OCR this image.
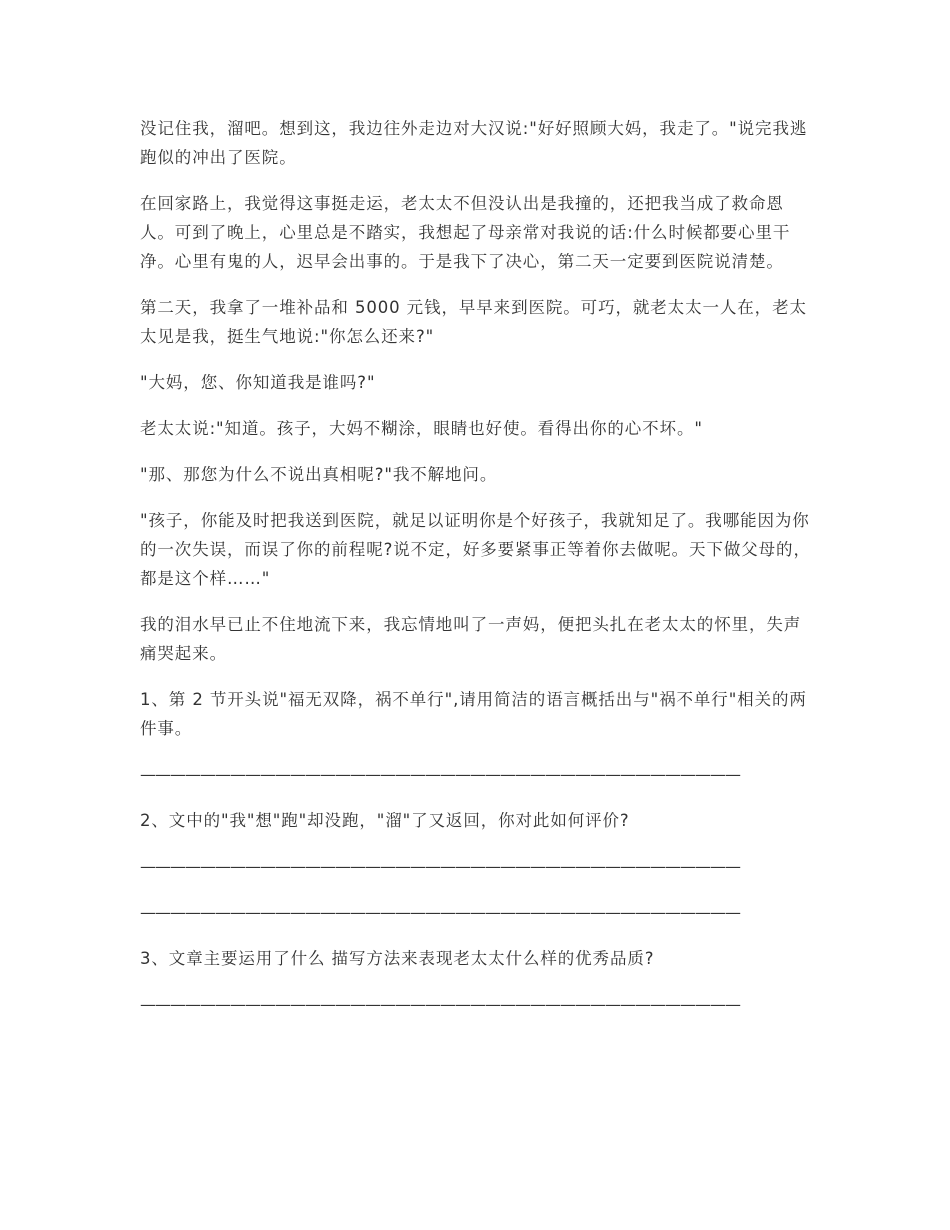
没记住我，溜吧。想到这，我边往外走边对大汉说:"好好照顾大妈，我走了。"说完我逃跑似的冲出了医院。

在回家路上，我觉得这事挺走运，老太太不但没认出是我撞的，还把我当成了救命恩人。可到了晚上，心里总是不踏实，我想起了母亲常对我说的话:什么时候都要心里干净。心里有鬼的人，迟早会出事的。于是我下了决心，第二天一定要到医院说清楚。

第二天，我拿了一堆补品和 5000 元钱，早早来到医院。可巧，就老太太一人在，老太太见是我，挺生气地说:"你怎么还来?"

"大妈，您、你知道我是谁吗?"

老太太说:"知道。孩子，大妈不糊涂，眼睛也好使。看得出你的心不坏。"

"那、那您为什么不说出真相呢?"我不解地问。

"孩子，你能及时把我送到医院，就足以证明你是个好孩子，我就知足了。我哪能因为你的一次失误，而误了你的前程呢?说不定，好多要紧事正等着你去做呢。天下做父母的，都是这个样……"

我的泪水早已止不住地流下来，我忘情地叫了一声妈，便把头扎在老太太的怀里，失声痛哭起来。

1、第 2 节开头说"福无双降，祸不单行",请用简洁的语言概括出与"祸不单行"相关的两件事。

————————————————————————————————————————

2、文中的"我"想"跑"却没跑，"溜"了又返回，你对此如何评价?

————————————————————————————————————————
————————————————————————————————————————

3、文章主要运用了什么 描写方法来表现老太太什么样的优秀品质?

————————————————————————————————————————
